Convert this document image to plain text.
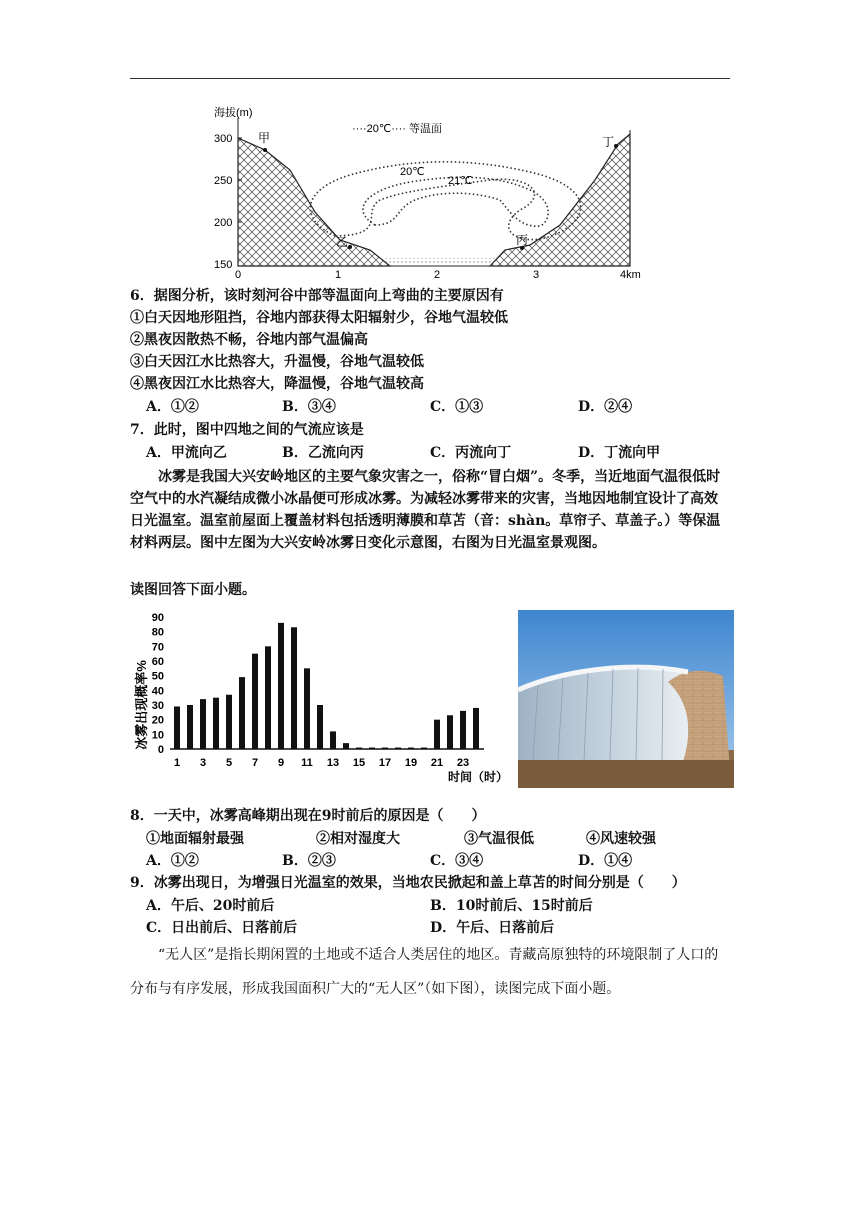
海拔(m)
····20℃···· 等温面
300
250
200
150
0	1	2	3	4km
20℃
21℃
甲
乙	丙
丁
6．据图分析，该时刻河谷中部等温面向上弯曲的主要原因有
①白天因地形阻挡，谷地内部获得太阳辐射少，谷地气温较低
②黑夜因散热不畅，谷地内部气温偏高
③白天因江水比热容大，升温慢，谷地气温较低
④黑夜因江水比热容大，降温慢，谷地气温较高
A．①②	B．③④	C．①③	D．②④
7．此时，图中四地之间的气流应该是
A．甲流向乙	B．乙流向丙	C．丙流向丁	D．丁流向甲
冰雾是我国大兴安岭地区的主要气象灾害之一，俗称“冒白烟”。冬季，当近地面气温很低时空气中的水汽凝结成微小冰晶便可形成冰雾。为减轻冰雾带来的灾害，当地因地制宜设计了高效日光温室。温室前屋面上覆盖材料包括透明薄膜和草苫（音：shàn。草帘子、草盖子。）等保温材料两层。图中左图为大兴安岭冰雾日变化示意图，右图为日光温室景观图。
读图回答下面小题。
冰雾出现概率%
0
10
20
30
40
50
60
70
80
90
1 3 5 7 9 11 13 15 17 19 21 23
时间（时）
8．一天中，冰雾高峰期出现在9时前后的原因是（　　）
①地面辐射最强	②相对湿度大	③气温很低	④风速较强
A．①②	B．②③	C．③④	D．①④
9．冰雾出现日，为增强日光温室的效果，当地农民掀起和盖上草苫的时间分别是（　　）
A．午后、20时前后	B．10时前后、15时前后
C．日出前后、日落前后	D．午后、日落前后
“无人区”是指长期闲置的土地或不适合人类居住的地区。青藏高原独特的环境限制了人口的分布与有序发展，形成我国面积广大的“无人区”（如下图），读图完成下面小题。
